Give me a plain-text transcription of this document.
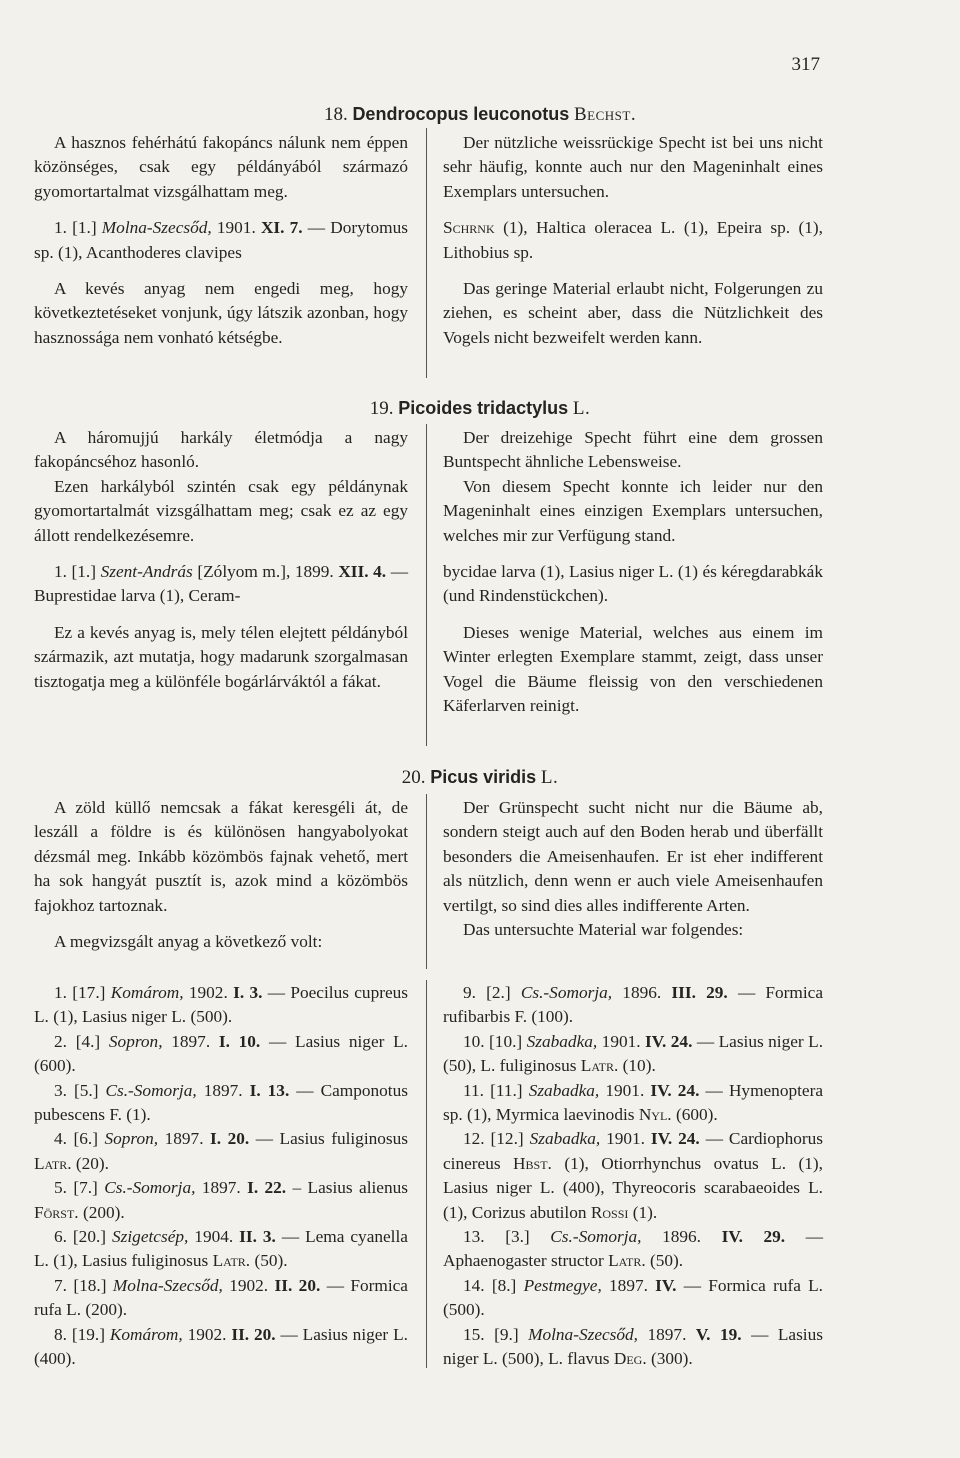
317
18. Dendrocopus leuconotus Bechst.

A hasznos fehérhátú fakopáncs nálunk nem éppen közönséges, csak egy példányából származó gyomortartalmat vizsgálhattam meg.

1. [1.] Molna-Szecsőd, 1901. XI. 7. — Dorytomus sp. (1), Acanthoderes clavipes

A kevés anyag nem engedi meg, hogy következtetéseket vonjunk, úgy látszik azonban, hogy hasznossága nem vonható kétségbe.

Der nützliche weissrückige Specht ist bei uns nicht sehr häufig, konnte auch nur den Mageninhalt eines Exemplars untersuchen.

Schrnk (1), Haltica oleracea L. (1), Epeira sp. (1), Lithobius sp.

Das geringe Material erlaubt nicht, Folgerungen zu ziehen, es scheint aber, dass die Nützlichkeit des Vogels nicht bezweifelt werden kann.

19. Picoides tridactylus L.

A háromujjú harkály életmódja a nagy fakopáncséhoz hasonló.

Ezen harkályból szintén csak egy példánynak gyomortartalmát vizsgálhattam meg; csak ez az egy állott rendelkezésemre.

1. [1.] Szent-András [Zólyom m.], 1899. XII. 4. — Buprestidae larva (1), Ceram-

Ez a kevés anyag is, mely télen elejtett példányból származik, azt mutatja, hogy madarunk szorgalmasan tisztogatja meg a különféle bogárlárváktól a fákat.

Der dreizehige Specht führt eine dem grossen Buntspecht ähnliche Lebensweise.

Von diesem Specht konnte ich leider nur den Mageninhalt eines einzigen Exemplars untersuchen, welches mir zur Verfügung stand.

bycidae larva (1), Lasius niger L. (1) és kéregdarabkák (und Rindenstückchen).

Dieses wenige Material, welches aus einem im Winter erlegten Exemplare stammt, zeigt, dass unser Vogel die Bäume fleissig von den verschiedenen Käferlarven reinigt.

20. Picus viridis L.

A zöld küllő nemcsak a fákat keresgéli át, de leszáll a földre is és különösen hangyabolyokat dézsmál meg. Inkább közömbös fajnak vehető, mert ha sok hangyát pusztít is, azok mind a közömbös fajokhoz tartoznak.

A megvizsgált anyag a következő volt:

Der Grünspecht sucht nicht nur die Bäume ab, sondern steigt auch auf den Boden herab und überfällt besonders die Ameisenhaufen. Er ist eher indifferent als nützlich, denn wenn er auch viele Ameisenhaufen vertilgt, so sind dies alles indifferente Arten.

Das untersuchte Material war folgendes:

1. [17.] Komárom, 1902. I. 3. — Poecilus cupreus L. (1), Lasius niger L. (500).

2. [4.] Sopron, 1897. I. 10. — Lasius niger L. (600).

3. [5.] Cs.-Somorja, 1897. I. 13. — Camponotus pubescens F. (1).

4. [6.] Sopron, 1897. I. 20. — Lasius fuliginosus Latr. (20).

5. [7.] Cs.-Somorja, 1897. I. 22. – Lasius alienus Först. (200).

6. [20.] Szigetcsép, 1904. II. 3. — Lema cyanella L. (1), Lasius fuliginosus Latr. (50).

7. [18.] Molna-Szecsőd, 1902. II. 20. — Formica rufa L. (200).

8. [19.] Komárom, 1902. II. 20. — Lasius niger L. (400).

9. [2.] Cs.-Somorja, 1896. III. 29. — Formica rufibarbis F. (100).

10. [10.] Szabadka, 1901. IV. 24. — Lasius niger L. (50), L. fuliginosus Latr. (10).

11. [11.] Szabadka, 1901. IV. 24. — Hymenoptera sp. (1), Myrmica laevinodis Nyl. (600).

12. [12.] Szabadka, 1901. IV. 24. — Cardiophorus cinereus Hbst. (1), Otiorrhynchus ovatus L. (1), Lasius niger L. (400), Thyreocoris scarabaeoides L. (1), Corizus abutilon Rossi (1).

13. [3.] Cs.-Somorja, 1896. IV. 29. — Aphaenogaster structor Latr. (50).

14. [8.] Pestmegye, 1897. IV. — Formica rufa L. (500).

15. [9.] Molna-Szecsőd, 1897. V. 19. — Lasius niger L. (500), L. flavus Deg. (300).
